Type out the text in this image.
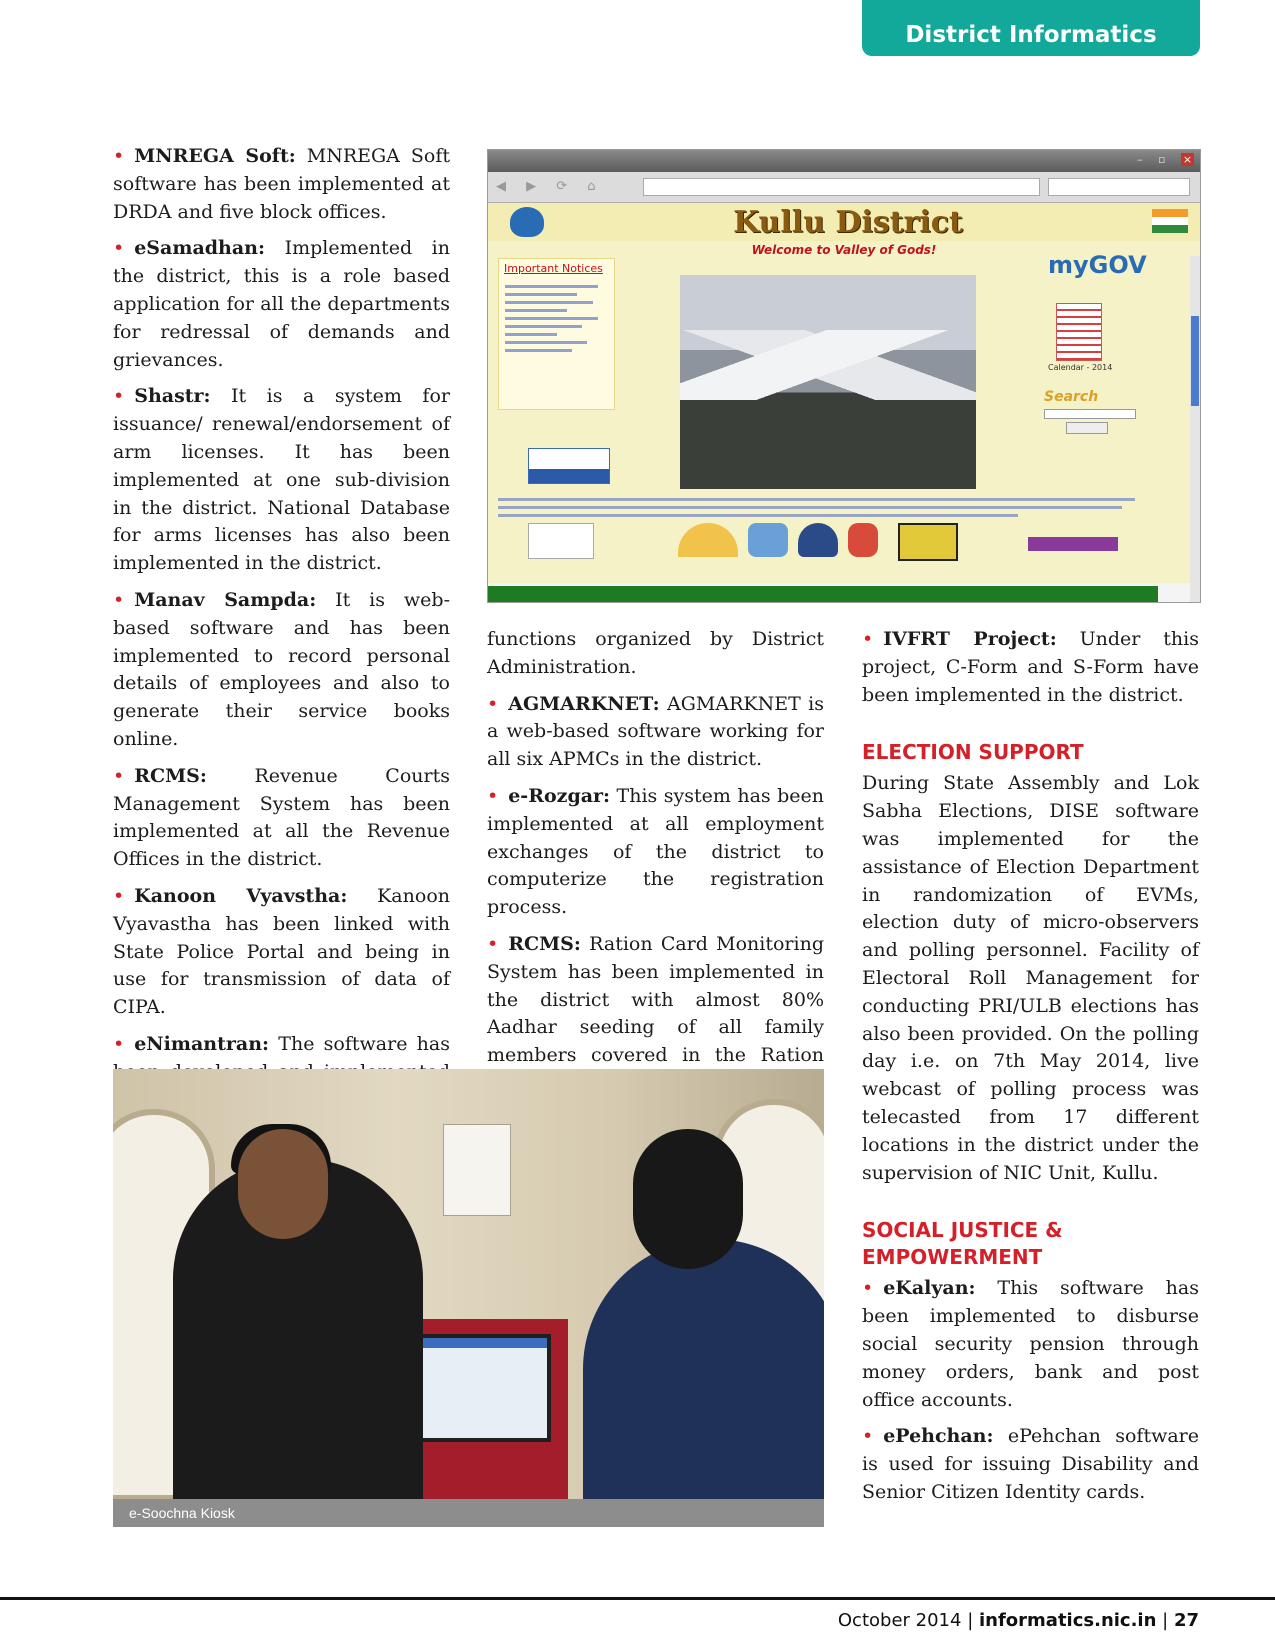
District Informatics

• MNREGA Soft: MNREGA Soft software has been implemented at DRDA and five block offices.

• eSamadhan: Implemented in the district, this is a role based application for all the departments for redressal of demands and grievances.

• Shastr: It is a system for issuance/ renewal/endorsement of arm licenses. It has been implemented at one sub-division in the district. National Database for arms licenses has also been implemented in the district.

• Manav Sampda: It is web-based software and has been implemented to record personal details of employees and also to generate their service books online.

• RCMS: Revenue Courts Management System has been implemented at all the Revenue Offices in the district.

• Kanoon Vyavstha: Kanoon Vyavastha has been linked with State Police Portal and being in use for transmission of data of CIPA.

• eNimantran: The software has

– ▫ ×
◀ ▶ ⟳ ⌂
Kullu District
Welcome to Valley of Gods!
Important Notices	myGOV
Calendar - 2014
Search

functions organized by District Administration.

• AGMARKNET: AGMARKNET is a web-based software working for all six APMCs in the district.

• e-Rozgar: This system has been implemented at all employment exchanges of the district to computerize the registration process.

• RCMS: Ration Card Monitoring System has been implemented in the district with almost 80% Aadhar seeding of all family members covered in the Ration

• IVFRT Project: Under this project, C-Form and S-Form have been implemented in the district.

ELECTION SUPPORT

During State Assembly and Lok Sabha Elections, DISE software was implemented for the assistance of Election Department in randomization of EVMs, election duty of micro-observers and polling personnel. Facility of Electoral Roll Management for conducting PRI/ULB elections has also been provided. On the polling day i.e. on 7th May 2014, live webcast of polling process was telecasted from 17 different locations in the district under the supervision of NIC Unit, Kullu.

SOCIAL JUSTICE &
EMPOWERMENT

• eKalyan: This software has been implemented to disburse social security pension through money orders, bank and post office accounts.

• ePehchan: ePehchan software is used for issuing Disability and Senior Citizen Identity cards.

e-Soochna Kiosk
October 2014 | informatics.nic.in | 27
